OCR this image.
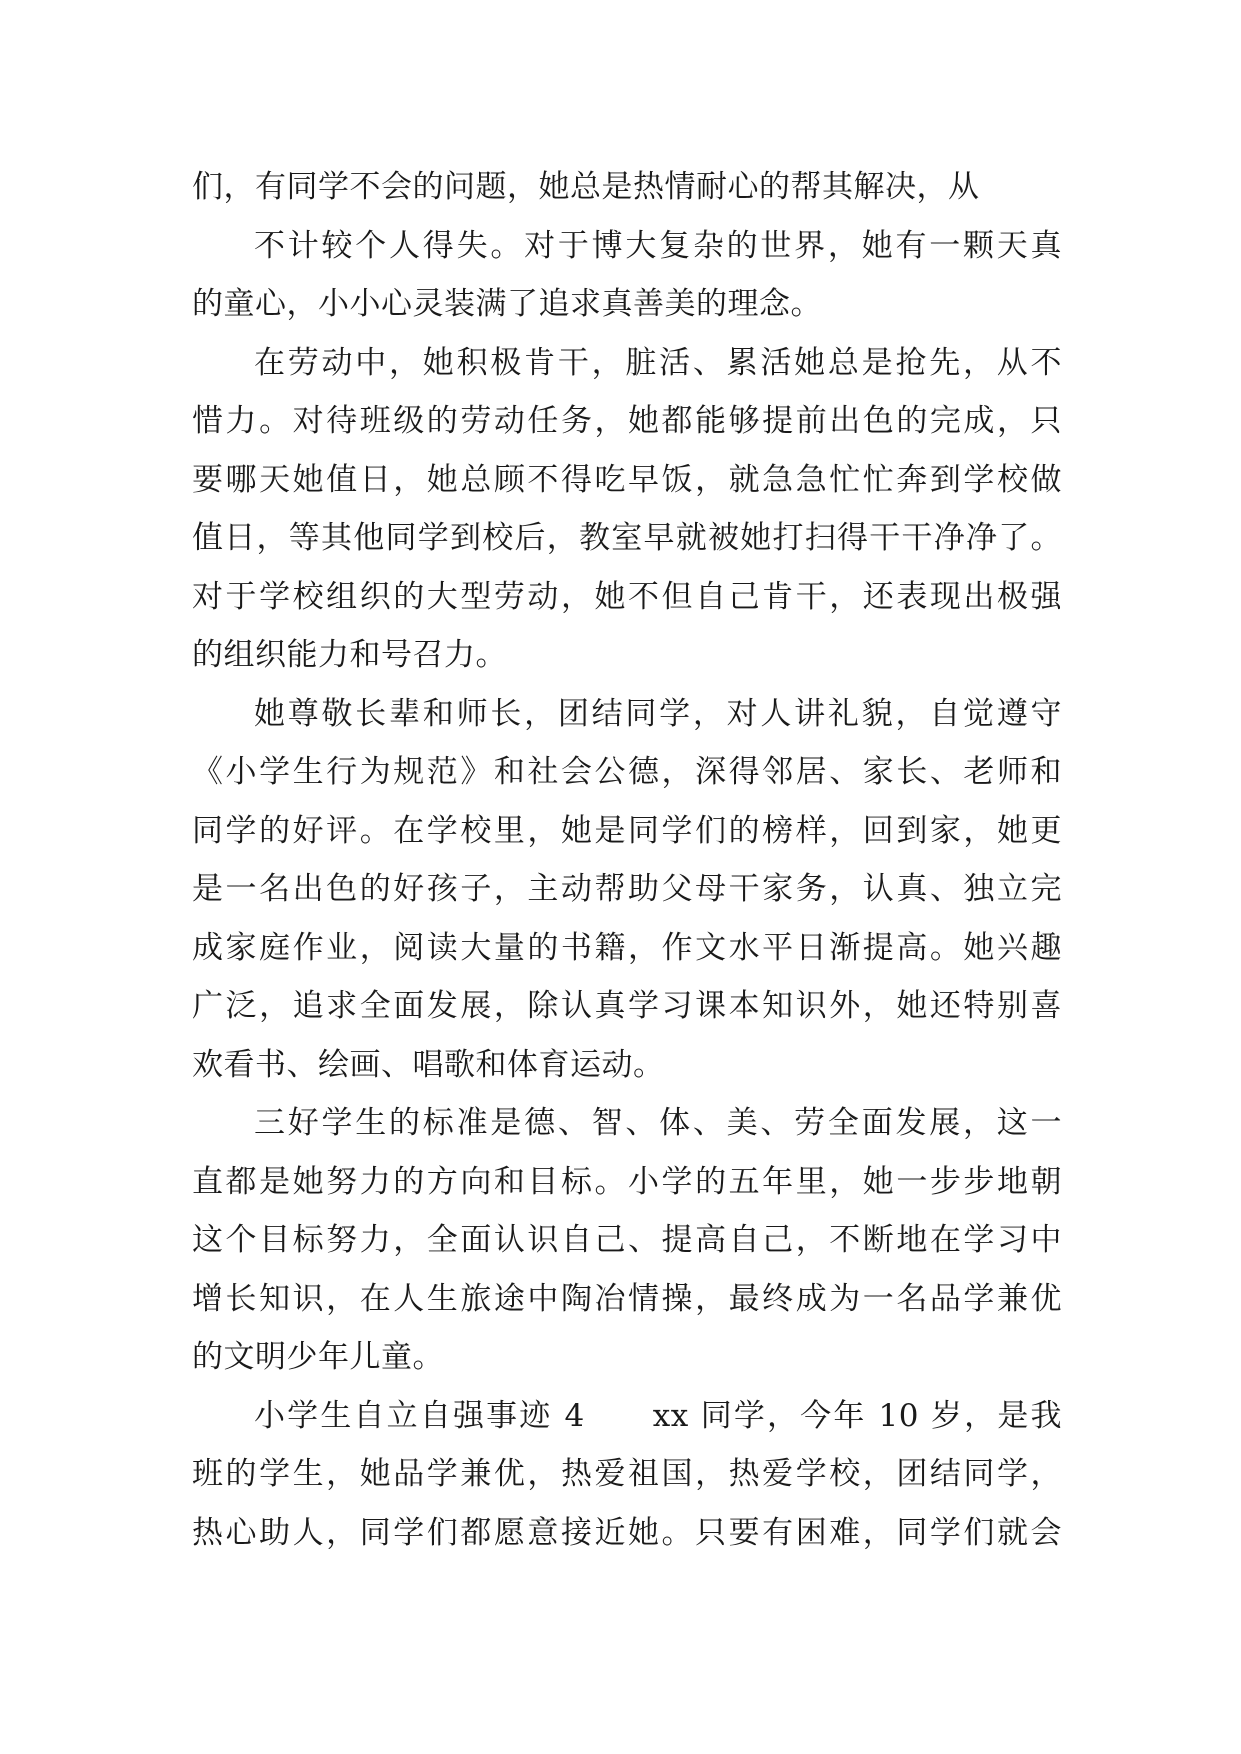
们，有同学不会的问题，她总是热情耐心的帮其解决，从
不计较个人得失。对于博大复杂的世界，她有一颗天真
的童心，小小心灵装满了追求真善美的理念。
在劳动中，她积极肯干，脏活、累活她总是抢先，从不
惜力。对待班级的劳动任务，她都能够提前出色的完成，只
要哪天她值日，她总顾不得吃早饭，就急急忙忙奔到学校做
值日，等其他同学到校后，教室早就被她打扫得干干净净了。
对于学校组织的大型劳动，她不但自己肯干，还表现出极强
的组织能力和号召力。
她尊敬长辈和师长，团结同学，对人讲礼貌，自觉遵守
《小学生行为规范》和社会公德，深得邻居、家长、老师和
同学的好评。在学校里，她是同学们的榜样，回到家，她更
是一名出色的好孩子，主动帮助父母干家务，认真、独立完
成家庭作业，阅读大量的书籍，作文水平日渐提高。她兴趣
广泛，追求全面发展，除认真学习课本知识外，她还特别喜
欢看书、绘画、唱歌和体育运动。
三好学生的标准是德、智、体、美、劳全面发展，这一
直都是她努力的方向和目标。小学的五年里，她一步步地朝
这个目标努力，全面认识自己、提高自己，不断地在学习中
增长知识，在人生旅途中陶冶情操，最终成为一名品学兼优
的文明少年儿童。
小学生自立自强事迹 4　　xx 同学，今年 10 岁，是我
班的学生，她品学兼优，热爱祖国，热爱学校，团结同学，
热心助人，同学们都愿意接近她。只要有困难，同学们就会
